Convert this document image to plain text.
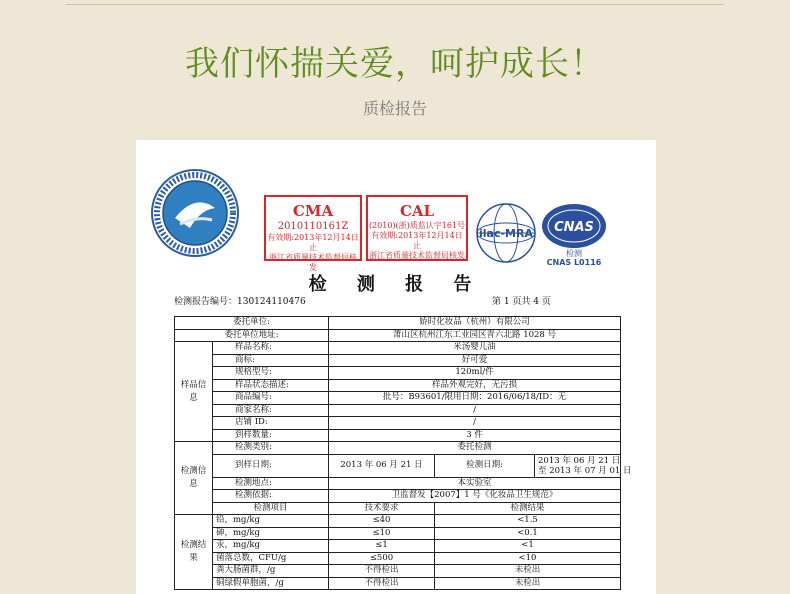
我们怀揣关爱，呵护成长！
质检报告
CMA
2010110161Z
有效期:2013年12月14日止
浙江省质量技术监督局核发
CAL
(2010)(浙)质监认字161号
有效期:2013年12月14日止
浙江省质量技术监督局核发
ilac-MRA CNAS
检测
CNAS L0116
检 测 报 告
检测报告编号：130124110476	第 1 页共 4 页
委托单位:		娇时化妆品（杭州）有限公司			
委托单位地址:		萧山区杭州江东工业园区青六北路 1028 号			
样品信息	样品名称:	米汤婴儿油			
	商标:	好可爱			
	规格型号:	120ml/件			
	样品状态描述:	样品外观完好，无污损			
	商品编号:	批号：B93601/限用日期：2016/06/18/ID：无			
	商家名称:	/			
	店铺 ID:	/			
	到样数量:	3 件			
检测信息	检测类别:	委托检测			
	到样日期:	2013 年 06 月 21 日	检测日期:	2013 年 06 月 21 日
至 2013 年 07 月 01 日	

	检测地点:	本实验室			
	检测依据:	卫监督发【2007】1 号《化妆品卫生规范》			
	检测项目	技术要求	检测结果	
检测结果	铅，mg/kg	≤40	<1.5	
	砷，mg/kg	≤10	<0.1	
	汞，mg/kg	≤1	<1	
	菌落总数，CFU/g	≤500	<10	
	粪大肠菌群，/g	不得检出	未检出	
	铜绿假单胞菌，/g	不得检出	未检出	
